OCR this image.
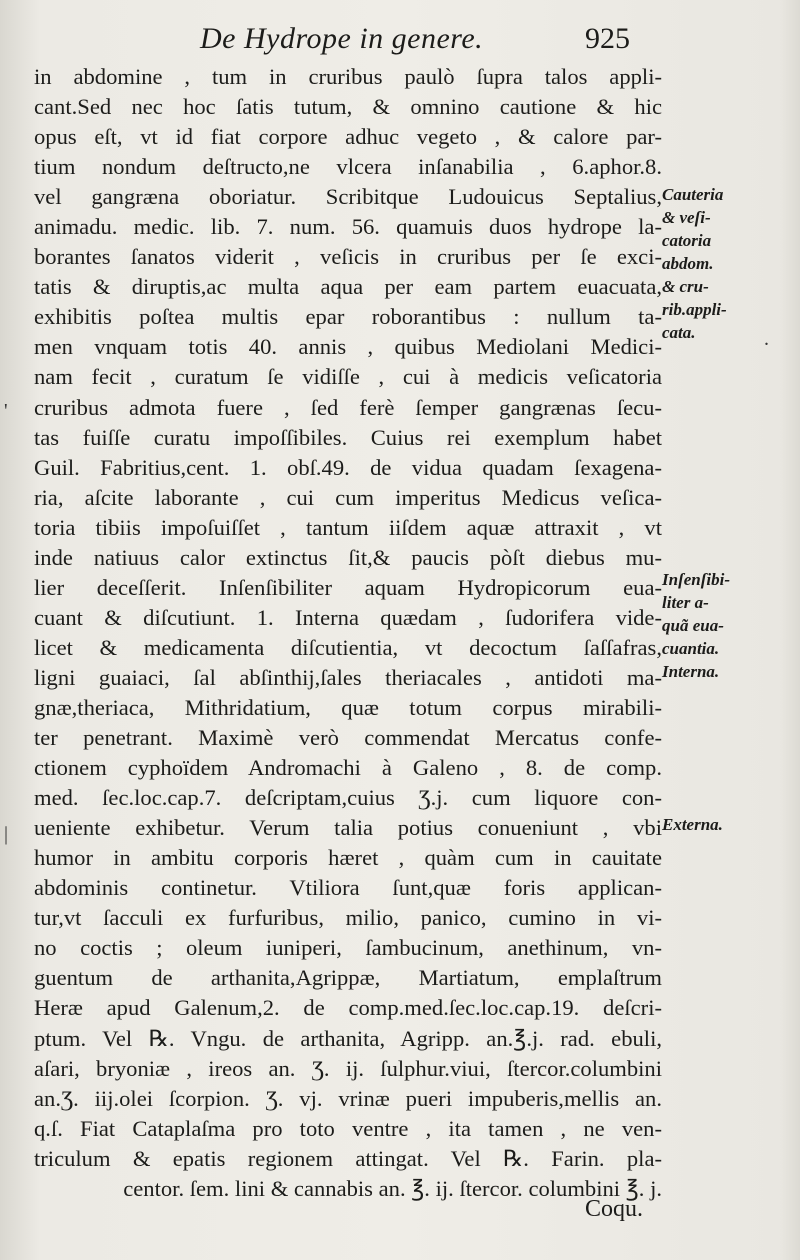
De Hydrope in genere.	925
in abdomine , tum in cruribus paulò ſupra talos appli-
cant.Sed nec hoc ſatis tutum, & omnino cautione & hic
opus eſt, vt id fiat corpore adhuc vegeto , & calore par-
tium nondum deſtructo,ne vlcera inſanabilia , 6.aphor.8.
vel gangræna oboriatur. Scribitque Ludouicus Septalius,
animadu. medic. lib. 7. num. 56. quamuis duos hydrope la-
borantes ſanatos viderit , veſicis in cruribus per ſe exci-
tatis & diruptis,ac multa aqua per eam partem euacuata,
exhibitis poſtea multis epar roborantibus : nullum ta-
men vnquam totis 40. annis , quibus Mediolani Medici-
nam fecit , curatum ſe vidiſſe , cui à medicis veſicatoria
cruribus admota fuere , ſed ferè ſemper gangrænas ſecu-
tas fuiſſe curatu impoſſibiles. Cuius rei exemplum habet
Guil. Fabritius,cent. 1. obſ.49. de vidua quadam ſexagena-
ria, aſcite laborante , cui cum imperitus Medicus veſica-
toria tibiis impoſuiſſet , tantum iiſdem aquæ attraxit , vt
inde natiuus calor extinctus ſit,& paucis pòſt diebus mu-
lier deceſſerit. Inſenſibiliter aquam Hydropicorum eua-
cuant & diſcutiunt. 1. Interna quædam , ſudorifera vide-
licet & medicamenta diſcutientia, vt decoctum ſaſſafras,
ligni guaiaci, ſal abſinthij,ſales theriacales , antidoti ma-
gnæ,theriaca, Mithridatium, quæ totum corpus mirabili-
ter penetrant. Maximè verò commendat Mercatus confe-
ctionem cyphoïdem Andromachi à Galeno , 8. de comp.
med. ſec.loc.cap.7. deſcriptam,cuius Ʒ.j. cum liquore con-
ueniente exhibetur. Verum talia potius conueniunt , vbi
humor in ambitu corporis hæret , quàm cum in cauitate
abdominis continetur. Vtiliora ſunt,quæ foris applican-
tur,vt ſacculi ex furfuribus, milio, panico, cumino in vi-
no coctis ; oleum iuniperi, ſambucinum, anethinum, vn-
guentum de arthanita,Agrippæ, Martiatum, emplaſtrum
Heræ apud Galenum,2. de comp.med.ſec.loc.cap.19. deſcri-
ptum. Vel ℞. Vngu. de arthanita, Agripp. an.℥.j. rad. ebuli,
aſari, bryoniæ , ireos an. Ʒ. ij. ſulphur.viui, ſtercor.columbini
an.Ʒ. iij.olei ſcorpion. Ʒ. vj. vrinæ pueri impuberis,mellis an.
q.ſ. Fiat Cataplaſma pro toto ventre , ita tamen , ne ven-
triculum & epatis regionem attingat. Vel ℞. Farin. pla-
centor. ſem. lini & cannabis an. ℥. ij. ſtercor. columbini ℥. j.
Cauteria
& veſi-
catoria
abdom.
& cru-
rib.appli-
cata.
Inſenſibi-
liter a-
quã eua-
cuantia.
Interna.
Externa.
.
|
'
Coqu.
